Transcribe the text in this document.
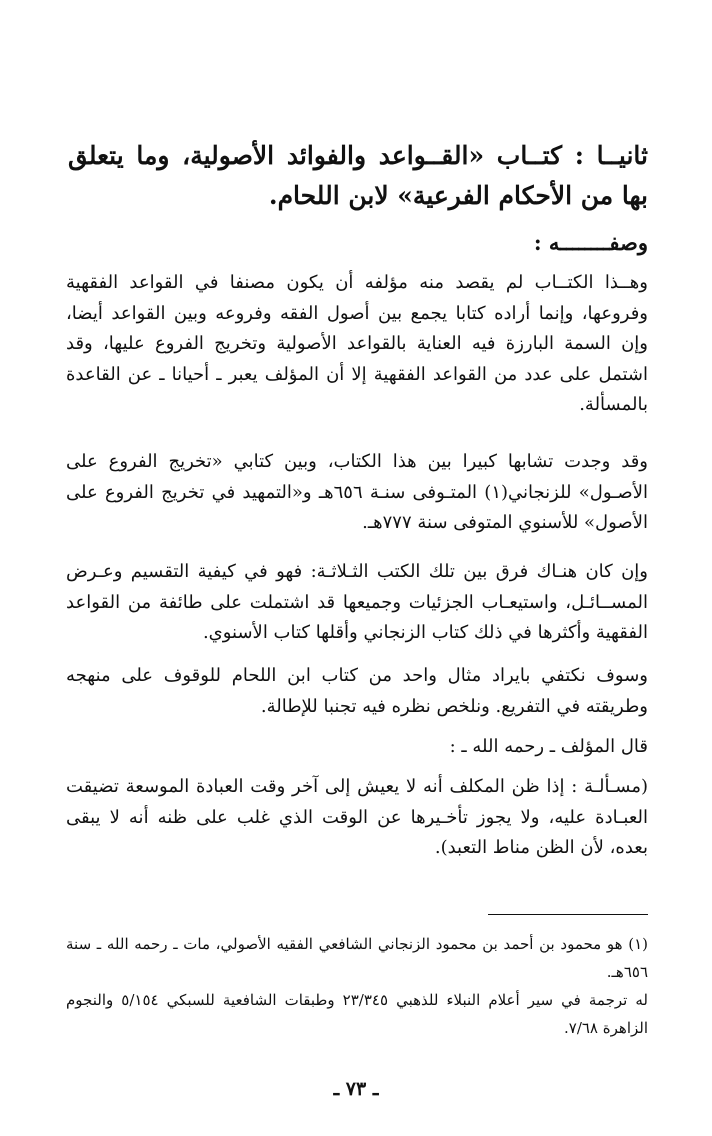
ثانيــا : كتــاب «القــواعد والفوائد الأصولية، وما يتعلق بها من الأحكام الفرعية» لابن اللحام.
وصفــــــــه :

وهــذا الكتــاب لم يقصد منه مؤلفه أن يكون مصنفا في القواعد الفقهية وفروعها، وإنما أراده كتابا يجمع بين أصول الفقه وفروعه وبين القواعد أيضا، وإن السمة البارزة فيه العناية بالقواعد الأصولية وتخريج الفروع عليها، وقد اشتمل على عدد من القواعد الفقهية إلا أن المؤلف يعبر ـ أحيانا ـ عن القاعدة بالمسألة.

وقد وجدت تشابها كبيرا بين هذا الكتاب، وبين كتابي «تخريج الفروع على الأصـول» للزنجاني(١) المتـوفى سنـة ٦٥٦هـ و«التمهيد في تخريج الفروع على الأصول» للأسنوي المتوفى سنة ٧٧٧هـ.

وإن كان هنـاك فرق بين تلك الكتب الثـلاثـة: فهو في كيفية التقسيم وعـرض المســائـل، واستيعـاب الجزئيات وجميعها قد اشتملت على طائفة من القواعد الفقهية وأكثرها في ذلك كتاب الزنجاني وأقلها كتاب الأسنوي.

وسوف نكتفي بايراد مثال واحد من كتاب ابن اللحام للوقوف على منهجه وطريقته في التفريع. ونلخص نظره فيه تجنبا للإطالة.

قال المؤلف ـ رحمه الله ـ :

(مسـألـة : إذا ظن المكلف أنه لا يعيش إلى آخر وقت العبادة الموسعة تضيقت العبـادة عليه، ولا يجوز تأخـيرها عن الوقت الذي غلب على ظنه أنه لا يبقى بعده، لأن الظن مناط التعبد).

(١) هو محمود بن أحمد بن محمود الزنجاني الشافعي الفقيه الأصولي، مات ـ رحمه الله ـ سنة ٦٥٦هـ.

له ترجمة في سير أعلام النبلاء للذهبي ٢٣/٣٤٥ وطبقات الشافعية للسبكي ٥/١٥٤ والنجوم الزاهرة ٧/٦٨.

ـ ٧٣ ـ
